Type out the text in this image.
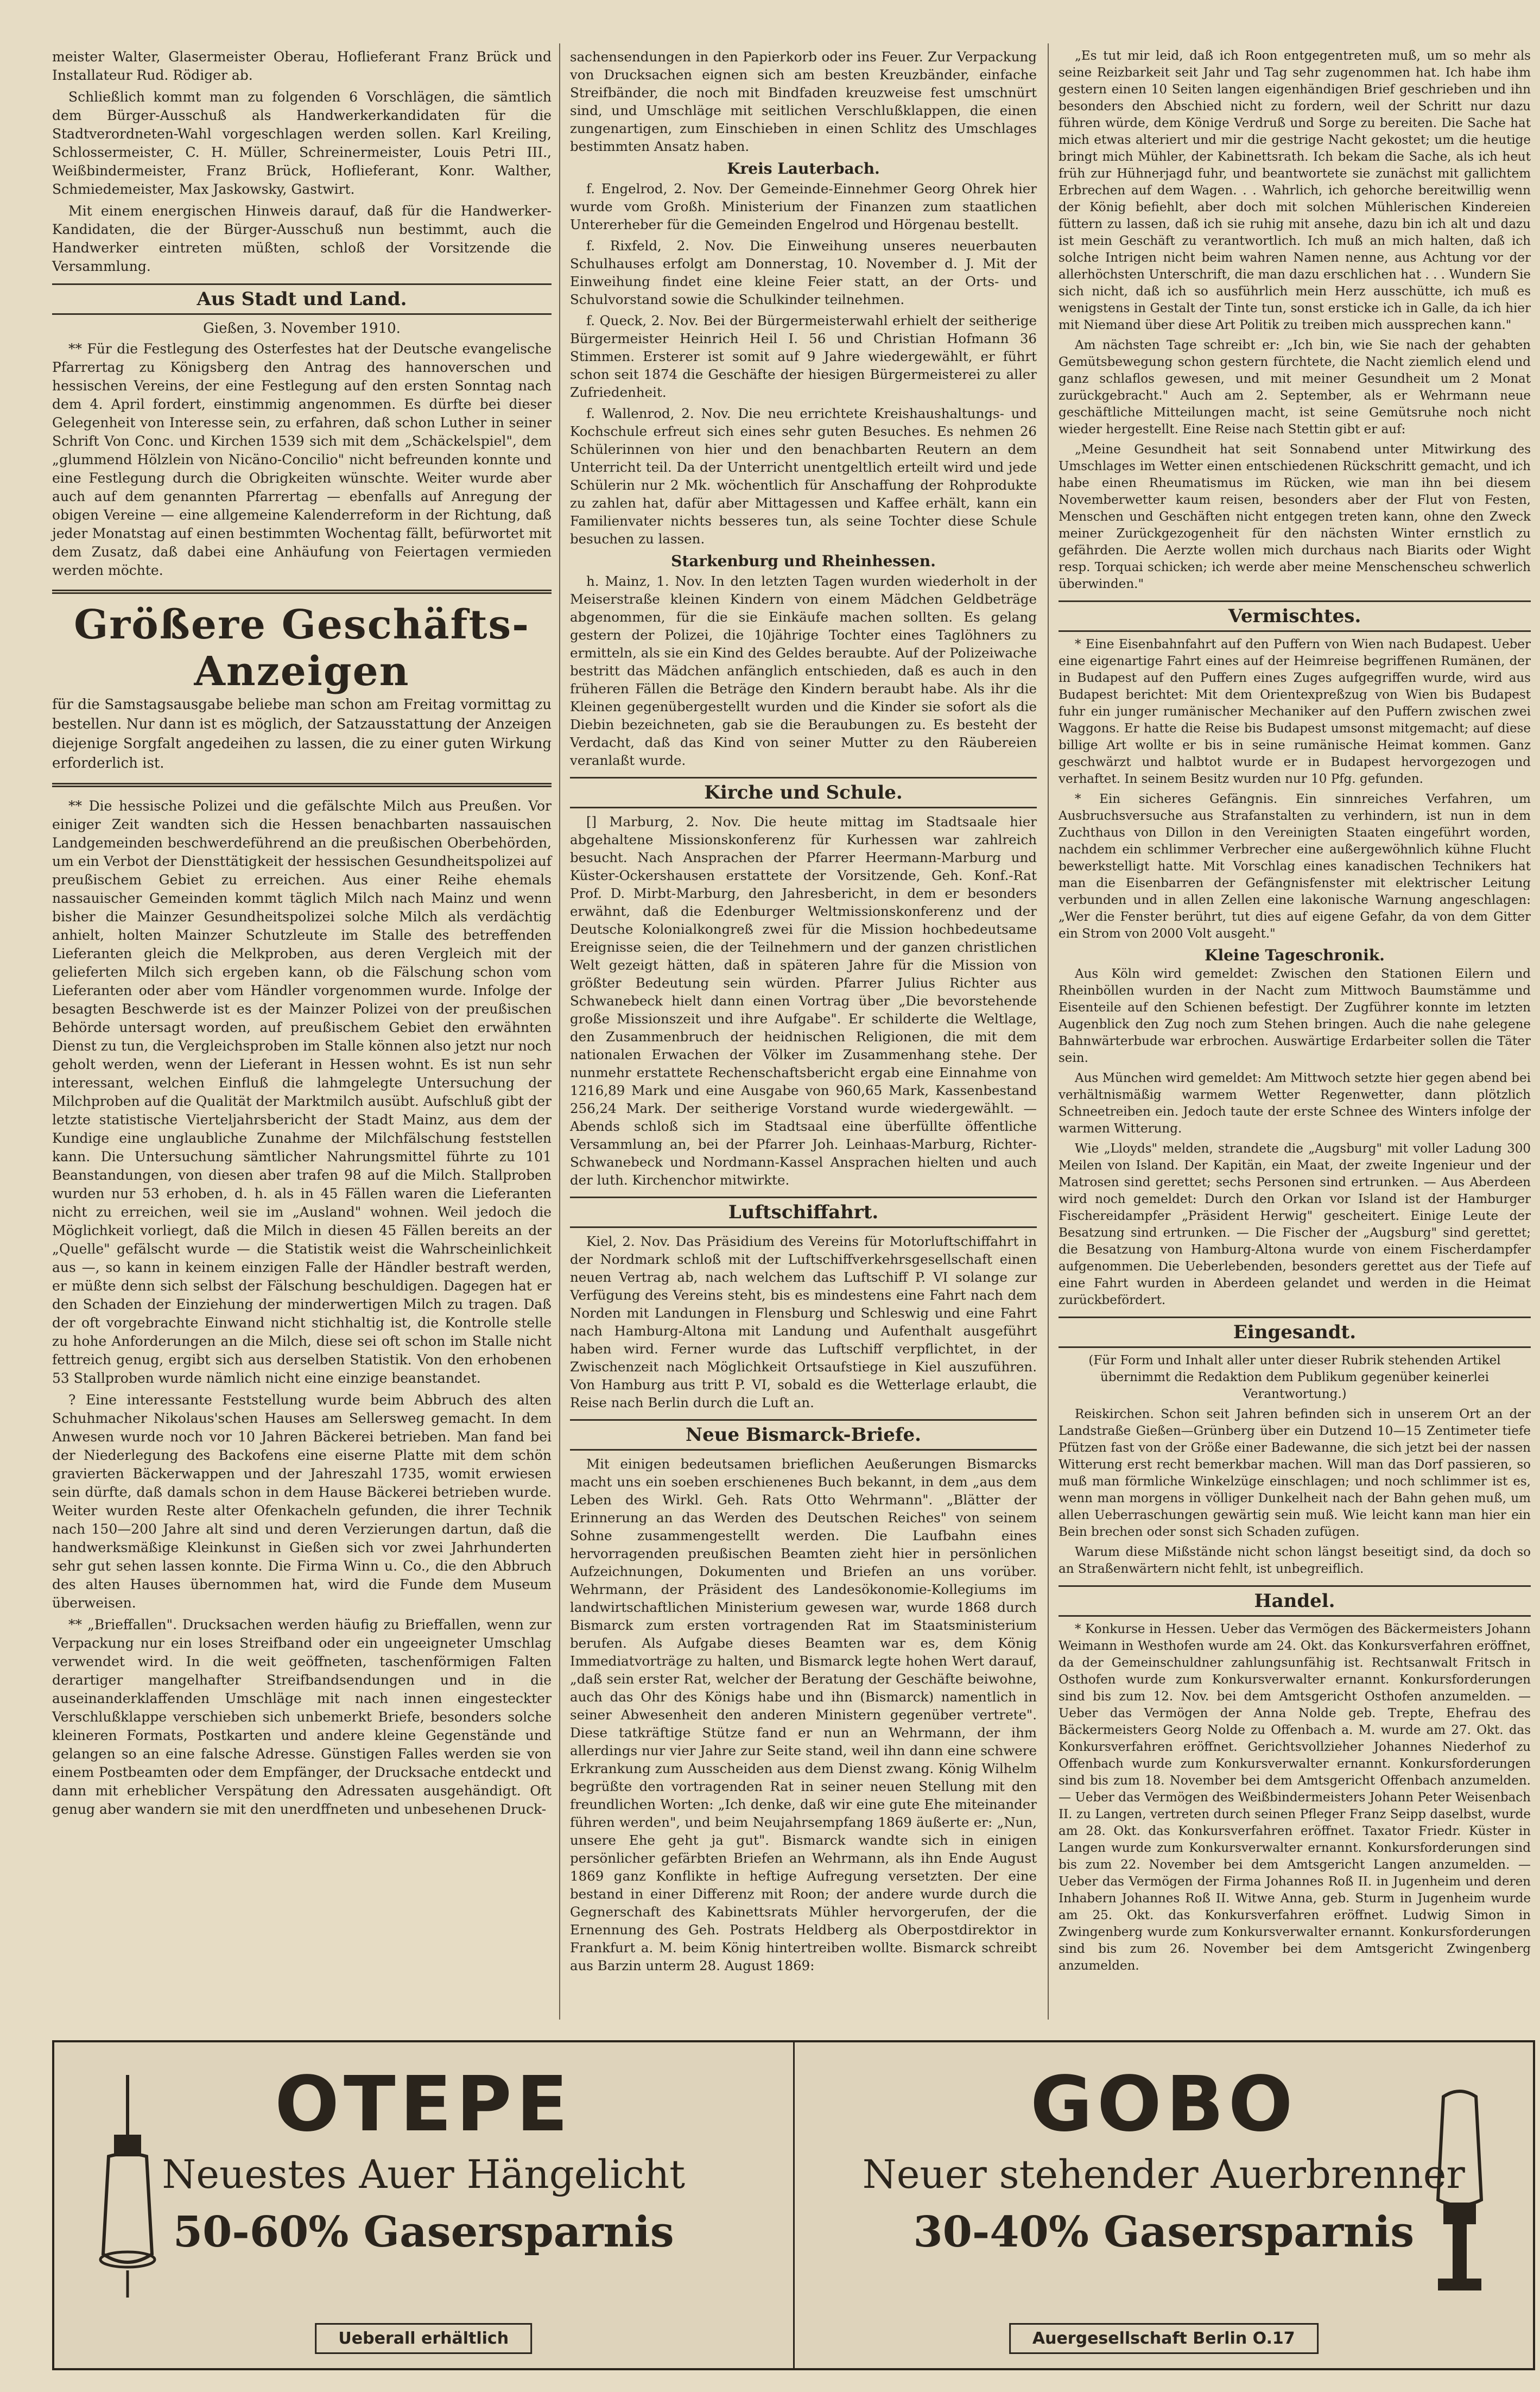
meister Walter, Glasermeister Oberau, Hoflieferant Franz Brück und Installateur Rud. Rödiger ab.

Schließlich kommt man zu folgenden 6 Vorschlägen, die sämtlich dem Bürger-Ausschuß als Handwerkerkandidaten für die Stadtverordneten-Wahl vorgeschlagen werden sollen. Karl Kreiling, Schlossermeister, C. H. Müller, Schreinermeister, Louis Petri III., Weißbindermeister, Franz Brück, Hoflieferant, Konr. Walther, Schmiedemeister, Max Jaskowsky, Gastwirt.

Mit einem energischen Hinweis darauf, daß für die Handwerker-Kandidaten, die der Bürger-Ausschuß nun bestimmt, auch die Handwerker eintreten müßten, schloß der Vorsitzende die Versammlung.

Aus Stadt und Land.
Gießen, 3. November 1910.

** Für die Festlegung des Osterfestes hat der Deutsche evangelische Pfarrertag zu Königsberg den Antrag des hannoverschen und hessischen Vereins, der eine Festlegung auf den ersten Sonntag nach dem 4. April fordert, einstimmig angenommen. Es dürfte bei dieser Gelegenheit von Interesse sein, zu erfahren, daß schon Luther in seiner Schrift Von Conc. und Kirchen 1539 sich mit dem „Schäckelspiel", dem „glummend Hölzlein von Nicäno-Concilio" nicht befreunden konnte und eine Festlegung durch die Obrigkeiten wünschte. Weiter wurde aber auch auf dem genannten Pfarrertag — ebenfalls auf Anregung der obigen Vereine — eine allgemeine Kalenderreform in der Richtung, daß jeder Monatstag auf einen bestimmten Wochentag fällt, befürwortet mit dem Zusatz, daß dabei eine Anhäufung von Feiertagen vermieden werden möchte.

Größere Geschäfts-Anzeigen

für die Samstagsausgabe beliebe man schon am Freitag vormittag zu bestellen. Nur dann ist es möglich, der Satzausstattung der Anzeigen diejenige Sorgfalt angedeihen zu lassen, die zu einer guten Wirkung erforderlich ist.

** Die hessische Polizei und die gefälschte Milch aus Preußen. Vor einiger Zeit wandten sich die Hessen benachbarten nassauischen Landgemeinden beschwerdeführend an die preußischen Oberbehörden, um ein Verbot der Diensttätigkeit der hessischen Gesundheitspolizei auf preußischem Gebiet zu erreichen. Aus einer Reihe ehemals nassauischer Gemeinden kommt täglich Milch nach Mainz und wenn bisher die Mainzer Gesundheitspolizei solche Milch als verdächtig anhielt, holten Mainzer Schutzleute im Stalle des betreffenden Lieferanten gleich die Melkproben, aus deren Vergleich mit der gelieferten Milch sich ergeben kann, ob die Fälschung schon vom Lieferanten oder aber vom Händler vorgenommen wurde. Infolge der besagten Beschwerde ist es der Mainzer Polizei von der preußischen Behörde untersagt worden, auf preußischem Gebiet den erwähnten Dienst zu tun, die Vergleichsproben im Stalle können also jetzt nur noch geholt werden, wenn der Lieferant in Hessen wohnt. Es ist nun sehr interessant, welchen Einfluß die lahmgelegte Untersuchung der Milchproben auf die Qualität der Marktmilch ausübt. Aufschluß gibt der letzte statistische Vierteljahrsbericht der Stadt Mainz, aus dem der Kundige eine unglaubliche Zunahme der Milchfälschung feststellen kann. Die Untersuchung sämtlicher Nahrungsmittel führte zu 101 Beanstandungen, von diesen aber trafen 98 auf die Milch. Stallproben wurden nur 53 erhoben, d. h. als in 45 Fällen waren die Lieferanten nicht zu erreichen, weil sie im „Ausland" wohnen. Weil jedoch die Möglichkeit vorliegt, daß die Milch in diesen 45 Fällen bereits an der „Quelle" gefälscht wurde — die Statistik weist die Wahrscheinlichkeit aus —, so kann in keinem einzigen Falle der Händler bestraft werden, er müßte denn sich selbst der Fälschung beschuldigen. Dagegen hat er den Schaden der Einziehung der minderwertigen Milch zu tragen. Daß der oft vorgebrachte Einwand nicht stichhaltig ist, die Kontrolle stelle zu hohe Anforderungen an die Milch, diese sei oft schon im Stalle nicht fettreich genug, ergibt sich aus derselben Statistik. Von den erhobenen 53 Stallproben wurde nämlich nicht eine einzige beanstandet.

? Eine interessante Feststellung wurde beim Abbruch des alten Schuhmacher Nikolaus'schen Hauses am Sellersweg gemacht. In dem Anwesen wurde noch vor 10 Jahren Bäckerei betrieben. Man fand bei der Niederlegung des Backofens eine eiserne Platte mit dem schön gravierten Bäckerwappen und der Jahreszahl 1735, womit erwiesen sein dürfte, daß damals schon in dem Hause Bäckerei betrieben wurde. Weiter wurden Reste alter Ofenkacheln gefunden, die ihrer Technik nach 150—200 Jahre alt sind und deren Verzierungen dartun, daß die handwerksmäßige Kleinkunst in Gießen sich vor zwei Jahrhunderten sehr gut sehen lassen konnte. Die Firma Winn u. Co., die den Abbruch des alten Hauses übernommen hat, wird die Funde dem Museum überweisen.

** „Brieffallen". Drucksachen werden häufig zu Brieffallen, wenn zur Verpackung nur ein loses Streifband oder ein ungeeigneter Umschlag verwendet wird. In die weit geöffneten, taschenförmigen Falten derartiger mangelhafter Streifbandsendungen und in die auseinanderklaffenden Umschläge mit nach innen eingesteckter Verschlußklappe verschieben sich unbemerkt Briefe, besonders solche kleineren Formats, Postkarten und andere kleine Gegenstände und gelangen so an eine falsche Adresse. Günstigen Falles werden sie von einem Postbeamten oder dem Empfänger, der Drucksache entdeckt und dann mit erheblicher Verspätung den Adressaten ausgehändigt. Oft genug aber wandern sie mit den unerdffneten und unbesehenen Druck-

sachensendungen in den Papierkorb oder ins Feuer. Zur Verpackung von Drucksachen eignen sich am besten Kreuzbänder, einfache Streifbänder, die noch mit Bindfaden kreuzweise fest umschnürt sind, und Umschläge mit seitlichen Verschlußklappen, die einen zungenartigen, zum Einschieben in einen Schlitz des Umschlages bestimmten Ansatz haben.

Kreis Lauterbach.

f. Engelrod, 2. Nov. Der Gemeinde-Einnehmer Georg Ohrek hier wurde vom Großh. Ministerium der Finanzen zum staatlichen Untererheber für die Gemeinden Engelrod und Hörgenau bestellt.

f. Rixfeld, 2. Nov. Die Einweihung unseres neuerbauten Schulhauses erfolgt am Donnerstag, 10. November d. J. Mit der Einweihung findet eine kleine Feier statt, an der Orts- und Schulvorstand sowie die Schulkinder teilnehmen.

f. Queck, 2. Nov. Bei der Bürgermeisterwahl erhielt der seitherige Bürgermeister Heinrich Heil I. 56 und Christian Hofmann 36 Stimmen. Ersterer ist somit auf 9 Jahre wiedergewählt, er führt schon seit 1874 die Geschäfte der hiesigen Bürgermeisterei zu aller Zufriedenheit.

f. Wallenrod, 2. Nov. Die neu errichtete Kreishaushaltungs- und Kochschule erfreut sich eines sehr guten Besuches. Es nehmen 26 Schülerinnen von hier und den benachbarten Reutern an dem Unterricht teil. Da der Unterricht unentgeltlich erteilt wird und jede Schülerin nur 2 Mk. wöchentlich für Anschaffung der Rohprodukte zu zahlen hat, dafür aber Mittagessen und Kaffee erhält, kann ein Familienvater nichts besseres tun, als seine Tochter diese Schule besuchen zu lassen.

Starkenburg und Rheinhessen.

h. Mainz, 1. Nov. In den letzten Tagen wurden wiederholt in der Meiserstraße kleinen Kindern von einem Mädchen Geldbeträge abgenommen, für die sie Einkäufe machen sollten. Es gelang gestern der Polizei, die 10jährige Tochter eines Taglöhners zu ermitteln, als sie ein Kind des Geldes beraubte. Auf der Polizeiwache bestritt das Mädchen anfänglich entschieden, daß es auch in den früheren Fällen die Beträge den Kindern beraubt habe. Als ihr die Kleinen gegenübergestellt wurden und die Kinder sie sofort als die Diebin bezeichneten, gab sie die Beraubungen zu. Es besteht der Verdacht, daß das Kind von seiner Mutter zu den Räubereien veranlaßt wurde.

Kirche und Schule.

[] Marburg, 2. Nov. Die heute mittag im Stadtsaale hier abgehaltene Missionskonferenz für Kurhessen war zahlreich besucht. Nach Ansprachen der Pfarrer Heermann-Marburg und Küster-Ockershausen erstattete der Vorsitzende, Geh. Konf.-Rat Prof. D. Mirbt-Marburg, den Jahresbericht, in dem er besonders erwähnt, daß die Edenburger Weltmissionskonferenz und der Deutsche Kolonialkongreß zwei für die Mission hochbedeutsame Ereignisse seien, die der Teilnehmern und der ganzen christlichen Welt gezeigt hätten, daß in späteren Jahre für die Mission von größter Bedeutung sein würden. Pfarrer Julius Richter aus Schwanebeck hielt dann einen Vortrag über „Die bevorstehende große Missionszeit und ihre Aufgabe". Er schilderte die Weltlage, den Zusammenbruch der heidnischen Religionen, die mit dem nationalen Erwachen der Völker im Zusammenhang stehe. Der nunmehr erstattete Rechenschaftsbericht ergab eine Einnahme von 1216,89 Mark und eine Ausgabe von 960,65 Mark, Kassenbestand 256,24 Mark. Der seitherige Vorstand wurde wiedergewählt. — Abends schloß sich im Stadtsaal eine überfüllte öffentliche Versammlung an, bei der Pfarrer Joh. Leinhaas-Marburg, Richter-Schwanebeck und Nordmann-Kassel Ansprachen hielten und auch der luth. Kirchenchor mitwirkte.

Luftschiffahrt.

Kiel, 2. Nov. Das Präsidium des Vereins für Motorluftschiffahrt in der Nordmark schloß mit der Luftschiffverkehrsgesellschaft einen neuen Vertrag ab, nach welchem das Luftschiff P. VI solange zur Verfügung des Vereins steht, bis es mindestens eine Fahrt nach dem Norden mit Landungen in Flensburg und Schleswig und eine Fahrt nach Hamburg-Altona mit Landung und Aufenthalt ausgeführt haben wird. Ferner wurde das Luftschiff verpflichtet, in der Zwischenzeit nach Möglichkeit Ortsaufstiege in Kiel auszuführen. Von Hamburg aus tritt P. VI, sobald es die Wetterlage erlaubt, die Reise nach Berlin durch die Luft an.

Neue Bismarck-Briefe.

Mit einigen bedeutsamen brieflichen Aeußerungen Bismarcks macht uns ein soeben erschienenes Buch bekannt, in dem „aus dem Leben des Wirkl. Geh. Rats Otto Wehrmann". „Blätter der Erinnerung an das Werden des Deutschen Reiches" von seinem Sohne zusammengestellt werden. Die Laufbahn eines hervorragenden preußischen Beamten zieht hier in persönlichen Aufzeichnungen, Dokumenten und Briefen an uns vorüber. Wehrmann, der Präsident des Landesökonomie-Kollegiums im landwirtschaftlichen Ministerium gewesen war, wurde 1868 durch Bismarck zum ersten vortragenden Rat im Staatsministerium berufen. Als Aufgabe dieses Beamten war es, dem König Immediatvorträge zu halten, und Bismarck legte hohen Wert darauf, „daß sein erster Rat, welcher der Beratung der Geschäfte beiwohne, auch das Ohr des Königs habe und ihn (Bismarck) namentlich in seiner Abwesenheit den anderen Ministern gegenüber vertrete". Diese tatkräftige Stütze fand er nun an Wehrmann, der ihm allerdings nur vier Jahre zur Seite stand, weil ihn dann eine schwere Erkrankung zum Ausscheiden aus dem Dienst zwang. König Wilhelm begrüßte den vortragenden Rat in seiner neuen Stellung mit den freundlichen Worten: „Ich denke, daß wir eine gute Ehe miteinander führen werden", und beim Neujahrsempfang 1869 äußerte er: „Nun, unsere Ehe geht ja gut". Bismarck wandte sich in einigen persönlicher gefärbten Briefen an Wehrmann, als ihn Ende August 1869 ganz Konflikte in heftige Aufregung versetzten. Der eine bestand in einer Differenz mit Roon; der andere wurde durch die Gegnerschaft des Kabinettsrats Mühler hervorgerufen, der die Ernennung des Geh. Postrats Heldberg als Oberpostdirektor in Frankfurt a. M. beim König hintertreiben wollte. Bismarck schreibt aus Barzin unterm 28. August 1869:

„Es tut mir leid, daß ich Roon entgegentreten muß, um so mehr als seine Reizbarkeit seit Jahr und Tag sehr zugenommen hat. Ich habe ihm gestern einen 10 Seiten langen eigenhändigen Brief geschrieben und ihn besonders den Abschied nicht zu fordern, weil der Schritt nur dazu führen würde, dem Könige Verdruß und Sorge zu bereiten. Die Sache hat mich etwas alteriert und mir die gestrige Nacht gekostet; um die heutige bringt mich Mühler, der Kabinettsrath. Ich bekam die Sache, als ich heut früh zur Hühnerjagd fuhr, und beantwortete sie zunächst mit gallichtem Erbrechen auf dem Wagen. . . Wahrlich, ich gehorche bereitwillig wenn der König befiehlt, aber doch mit solchen Mühlerischen Kindereien füttern zu lassen, daß ich sie ruhig mit ansehe, dazu bin ich alt und dazu ist mein Geschäft zu verantwortlich. Ich muß an mich halten, daß ich solche Intrigen nicht beim wahren Namen nenne, aus Achtung vor der allerhöchsten Unterschrift, die man dazu erschlichen hat . . . Wundern Sie sich nicht, daß ich so ausführlich mein Herz ausschütte, ich muß es wenigstens in Gestalt der Tinte tun, sonst ersticke ich in Galle, da ich hier mit Niemand über diese Art Politik zu treiben mich aussprechen kann."

Am nächsten Tage schreibt er: „Ich bin, wie Sie nach der gehabten Gemütsbewegung schon gestern fürchtete, die Nacht ziemlich elend und ganz schlaflos gewesen, und mit meiner Gesundheit um 2 Monat zurückgebracht." Auch am 2. September, als er Wehrmann neue geschäftliche Mitteilungen macht, ist seine Gemütsruhe noch nicht wieder hergestellt. Eine Reise nach Stettin gibt er auf:

„Meine Gesundheit hat seit Sonnabend unter Mitwirkung des Umschlages im Wetter einen entschiedenen Rückschritt gemacht, und ich habe einen Rheumatismus im Rücken, wie man ihn bei diesem Novemberwetter kaum reisen, besonders aber der Flut von Festen, Menschen und Geschäften nicht entgegen treten kann, ohne den Zweck meiner Zurückgezogenheit für den nächsten Winter ernstlich zu gefährden. Die Aerzte wollen mich durchaus nach Biarits oder Wight resp. Torquai schicken; ich werde aber meine Menschenscheu schwerlich überwinden."

Vermischtes.

* Eine Eisenbahnfahrt auf den Puffern von Wien nach Budapest. Ueber eine eigenartige Fahrt eines auf der Heimreise begriffenen Rumänen, der in Budapest auf den Puffern eines Zuges aufgegriffen wurde, wird aus Budapest berichtet: Mit dem Orientexpreßzug von Wien bis Budapest fuhr ein junger rumänischer Mechaniker auf den Puffern zwischen zwei Waggons. Er hatte die Reise bis Budapest umsonst mitgemacht; auf diese billige Art wollte er bis in seine rumänische Heimat kommen. Ganz geschwärzt und halbtot wurde er in Budapest hervorgezogen und verhaftet. In seinem Besitz wurden nur 10 Pfg. gefunden.

* Ein sicheres Gefängnis. Ein sinnreiches Verfahren, um Ausbruchsversuche aus Strafanstalten zu verhindern, ist nun in dem Zuchthaus von Dillon in den Vereinigten Staaten eingeführt worden, nachdem ein schlimmer Verbrecher eine außergewöhnlich kühne Flucht bewerkstelligt hatte. Mit Vorschlag eines kanadischen Technikers hat man die Eisenbarren der Gefängnisfenster mit elektrischer Leitung verbunden und in allen Zellen eine lakonische Warnung angeschlagen: „Wer die Fenster berührt, tut dies auf eigene Gefahr, da von dem Gitter ein Strom von 2000 Volt ausgeht."

Kleine Tageschronik.

Aus Köln wird gemeldet: Zwischen den Stationen Eilern und Rheinböllen wurden in der Nacht zum Mittwoch Baumstämme und Eisenteile auf den Schienen befestigt. Der Zugführer konnte im letzten Augenblick den Zug noch zum Stehen bringen. Auch die nahe gelegene Bahnwärterbude war erbrochen. Auswärtige Erdarbeiter sollen die Täter sein.

Aus München wird gemeldet: Am Mittwoch setzte hier gegen abend bei verhältnismäßig warmem Wetter Regenwetter, dann plötzlich Schneetreiben ein. Jedoch taute der erste Schnee des Winters infolge der warmen Witterung.

Wie „Lloyds" melden, strandete die „Augsburg" mit voller Ladung 300 Meilen von Island. Der Kapitän, ein Maat, der zweite Ingenieur und der Matrosen sind gerettet; sechs Personen sind ertrunken. — Aus Aberdeen wird noch gemeldet: Durch den Orkan vor Island ist der Hamburger Fischereidampfer „Präsident Herwig" gescheitert. Einige Leute der Besatzung sind ertrunken. — Die Fischer der „Augsburg" sind gerettet; die Besatzung von Hamburg-Altona wurde von einem Fischerdampfer aufgenommen. Die Ueberlebenden, besonders gerettet aus der Tiefe auf eine Fahrt wurden in Aberdeen gelandet und werden in die Heimat zurückbefördert.

Eingesandt.

(Für Form und Inhalt aller unter dieser Rubrik stehenden Artikel übernimmt die Redaktion dem Publikum gegenüber keinerlei Verantwortung.)

Reiskirchen. Schon seit Jahren befinden sich in unserem Ort an der Landstraße Gießen—Grünberg über ein Dutzend 10—15 Zentimeter tiefe Pfützen fast von der Größe einer Badewanne, die sich jetzt bei der nassen Witterung erst recht bemerkbar machen. Will man das Dorf passieren, so muß man förmliche Winkelzüge einschlagen; und noch schlimmer ist es, wenn man morgens in völliger Dunkelheit nach der Bahn gehen muß, um allen Ueberraschungen gewärtig sein muß. Wie leicht kann man hier ein Bein brechen oder sonst sich Schaden zufügen.

Warum diese Mißstände nicht schon längst beseitigt sind, da doch so an Straßenwärtern nicht fehlt, ist unbegreiflich.

Handel.

* Konkurse in Hessen. Ueber das Vermögen des Bäckermeisters Johann Weimann in Westhofen wurde am 24. Okt. das Konkursverfahren eröffnet, da der Gemeinschuldner zahlungsunfähig ist. Rechtsanwalt Fritsch in Osthofen wurde zum Konkursverwalter ernannt. Konkursforderungen sind bis zum 12. Nov. bei dem Amtsgericht Osthofen anzumelden. — Ueber das Vermögen der Anna Nolde geb. Trepte, Ehefrau des Bäckermeisters Georg Nolde zu Offenbach a. M. wurde am 27. Okt. das Konkursverfahren eröffnet. Gerichtsvollzieher Johannes Niederhof zu Offenbach wurde zum Konkursverwalter ernannt. Konkursforderungen sind bis zum 18. November bei dem Amtsgericht Offenbach anzumelden. — Ueber das Vermögen des Weißbindermeisters Johann Peter Weisenbach II. zu Langen, vertreten durch seinen Pfleger Franz Seipp daselbst, wurde am 28. Okt. das Konkursverfahren eröffnet. Taxator Friedr. Küster in Langen wurde zum Konkursverwalter ernannt. Konkursforderungen sind bis zum 22. November bei dem Amtsgericht Langen anzumelden. — Ueber das Vermögen der Firma Johannes Roß II. in Jugenheim und deren Inhabern Johannes Roß II. Witwe Anna, geb. Sturm in Jugenheim wurde am 25. Okt. das Konkursverfahren eröffnet. Ludwig Simon in Zwingenberg wurde zum Konkursverwalter ernannt. Konkursforderungen sind bis zum 26. November bei dem Amtsgericht Zwingenberg anzumelden.

OTEPE
Neuestes Auer Hängelicht
50-60% Gasersparnis
Ueberall erhältlich
GOBO
Neuer stehender Auerbrenner
30-40% Gasersparnis
Auergesellschaft Berlin O.17
